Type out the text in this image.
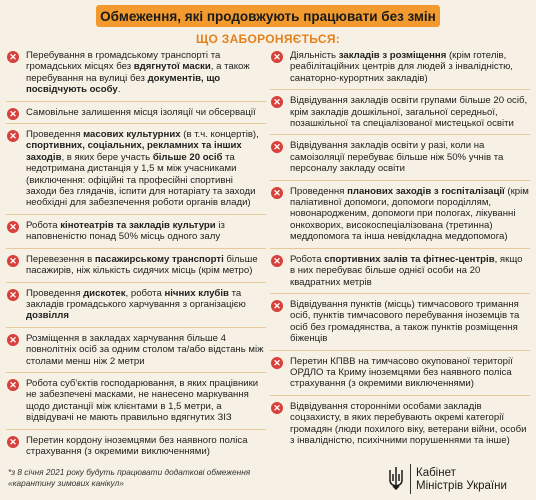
Обмеження, які продовжують працювати без змін
ЩО ЗАБОРОНЯЄТЬСЯ:
✕ Перебування в громадському транспорті та громадських місцях без вдягнутої маски, а також перебування на вулиці без документів, що посвідчують особу.
✕ Самовільне залишення місця ізоляції чи обсервації
✕ Проведення масових культурних (в т.ч. концертів), спортивних, соціальних, рекламних та інших заходів, в яких бере участь більше 20 осіб та недотримана дистанція у 1,5 м між учасниками (виключення: офіційні та професійні спортивні заходи без глядачів, іспити для нотаріату та заходи необхідні для забезпечення роботи органів влади)
✕ Робота кінотеатрів та закладів культури із наповненістю понад 50% місць одного залу
✕ Перевезення в пасажирському транспорті більше пасажирів, ніж кількість сидячих місць (крім метро)
✕ Проведення дискотек, робота нічних клубів та закладів громадського харчування з організацією дозвілля
✕ Розміщення в закладах харчування більше 4 повнолітніх осіб за одним столом та/або відстань між столами менш ніж 2 метри
✕ Робота суб'єктів господарювання, в яких працівники не забезпечені масками, не нанесено маркування щодо дистанції між клієнтами в 1,5 метри, а відвідувачі не мають правильно вдягнутих ЗІЗ
✕ Перетин кордону іноземцями без наявного поліса страхування (з окремими виключеннями)
✕ Діяльність закладів з розміщення (крім готелів, реабілітаційних центрів для людей з інвалідністю, санаторно-курортних закладів)
✕ Відвідування закладів освіти групами більше 20 осіб, крім закладів дошкільної, загальної середньої, позашкільної та спеціалізованої мистецької освіти
✕ Відвідування закладів освіти у разі, коли на самоізоляції перебуває більше ніж 50% учнів та персоналу закладу освіти
✕ Проведення планових заходів з госпіталізації (крім паліативної допомоги, допомоги породіллям, новонародженим, допомоги при пологах, лікуванні онкохворих, високоспеціалізована (третинна) меддопомога та інша невідкладна меддопомога)
✕ Робота спортивних залів та фітнес-центрів, якщо в них перебуває більше однієї особи на 20 квадратних метрів
✕ Відвідування пунктів (місць) тимчасового тримання осіб, пунктів тимчасового перебування іноземців та осіб без громадянства, а також пунктів розміщення біженців
✕ Перетин КПВВ на тимчасово окупованої території ОРДЛО та Криму іноземцями без наявного поліса страхування (з окремими виключеннями)
✕ Відвідування сторонніми особами закладів соцзахисту, в яких перебувають окремі категорії громадян (люди похилого віку, ветерани війни, особи з інвалідністю, психічними порушеннями та інше)
*з 8 січня 2021 року будуть працювати додаткові обмеження «карантину зимових канікул»
Кабінет
Міністрів України
